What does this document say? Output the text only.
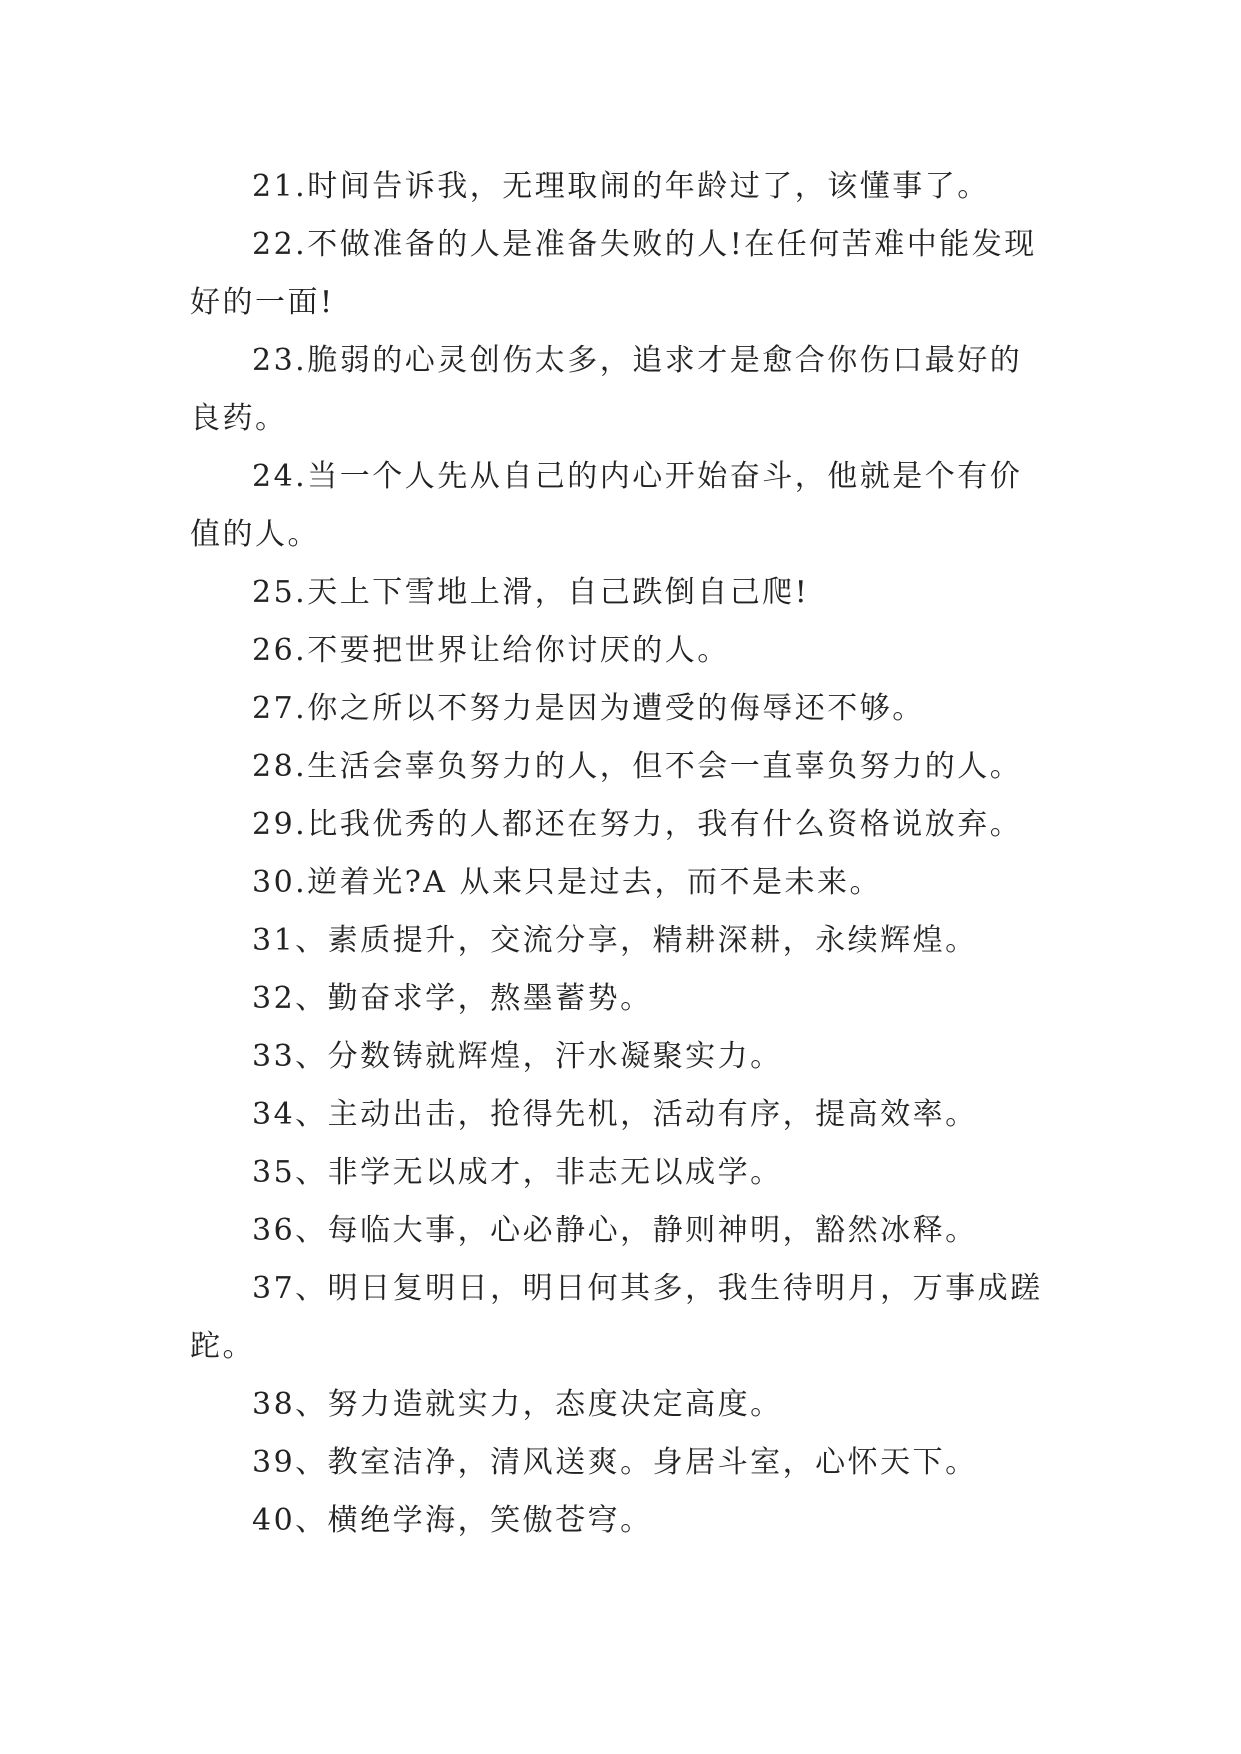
21.时间告诉我，无理取闹的年龄过了，该懂事了。

22.不做准备的人是准备失败的人!在任何苦难中能发现好的一面!

23.脆弱的心灵创伤太多，追求才是愈合你伤口最好的良药。

24.当一个人先从自己的内心开始奋斗，他就是个有价值的人。

25.天上下雪地上滑，自己跌倒自己爬!

26.不要把世界让给你讨厌的人。

27.你之所以不努力是因为遭受的侮辱还不够。

28.生活会辜负努力的人，但不会一直辜负努力的人。

29.比我优秀的人都还在努力，我有什么资格说放弃。

30.逆着光?A 从来只是过去，而不是未来。

31、素质提升，交流分享，精耕深耕，永续辉煌。

32、勤奋求学，熬墨蓄势。

33、分数铸就辉煌，汗水凝聚实力。

34、主动出击，抢得先机，活动有序，提高效率。

35、非学无以成才，非志无以成学。

36、每临大事，心必静心，静则神明，豁然冰释。

37、明日复明日，明日何其多，我生待明月，万事成蹉跎。

38、努力造就实力，态度决定高度。

39、教室洁净，清风送爽。身居斗室，心怀天下。

40、横绝学海，笑傲苍穹。
